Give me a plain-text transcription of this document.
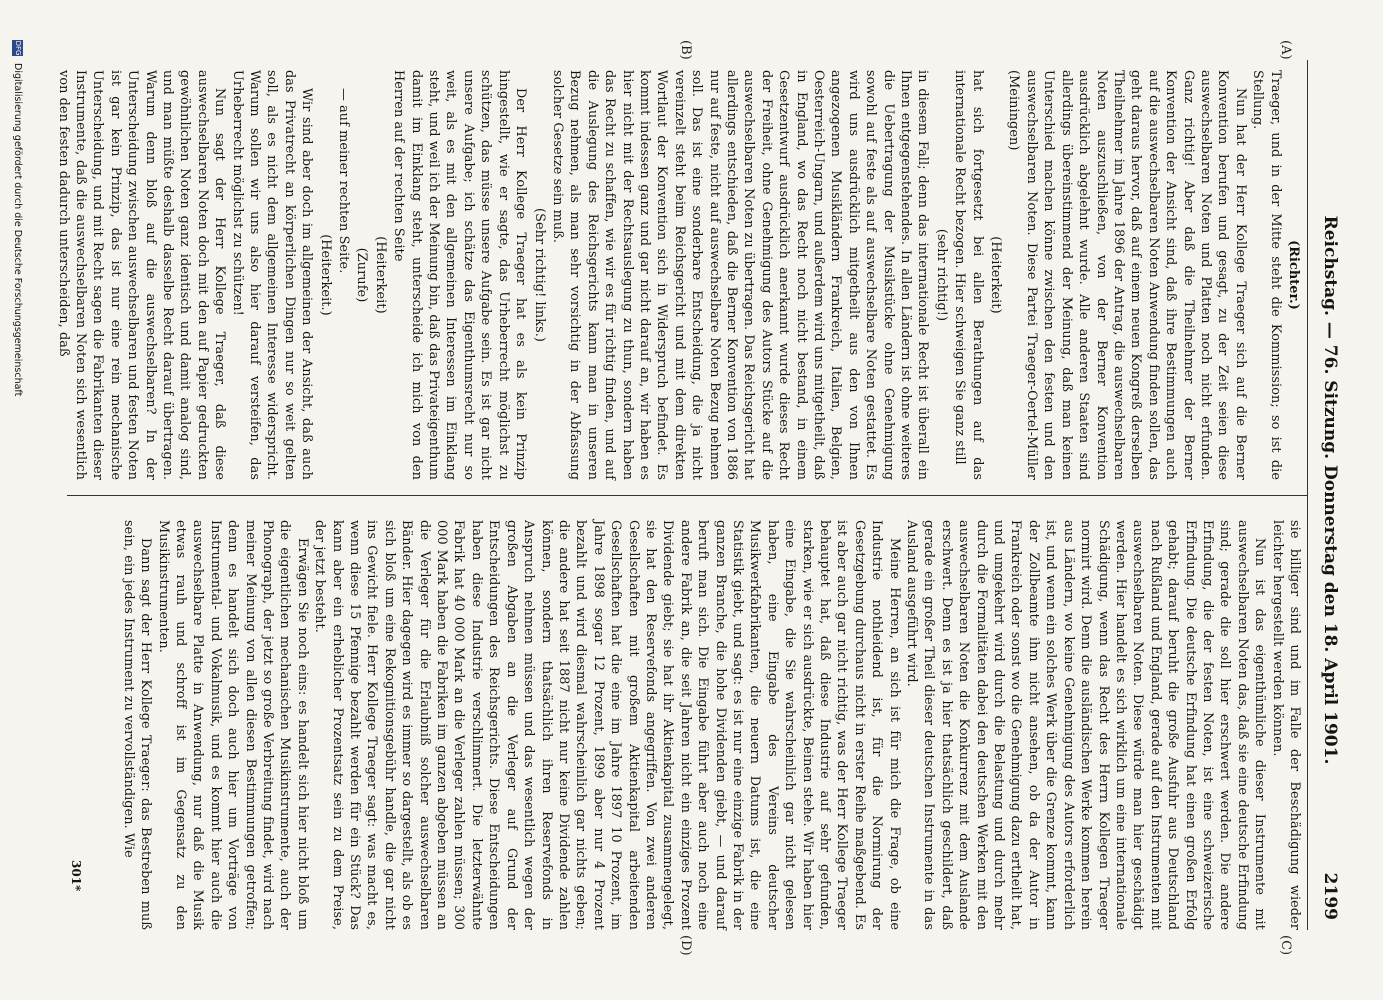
Reichstag. — 76. Sitzung. Donnerstag den 18. April 1901.
2199
(A)
(B)
(C)
(D)

(Richter.)

Traeger, und in der Mitte steht die Kommission; so ist die Stellung.

Nun hat der Herr Kollege Traeger sich auf die Berner Konvention berufen und gesagt, zu der Zeit seien diese auswechselbaren Noten und Platten noch nicht erfunden. Ganz richtig! Aber daß die Theilnehmer der Berner Konvention der Ansicht sind, daß ihre Bestimmungen auch auf die auswechselbaren Noten Anwendung finden sollen, das geht daraus hervor, daß auf einem neuen Kongreß derselben Theilnehmer im Jahre 1896 der Antrag, die auswechselbaren Noten auszuschließen, von der Berner Konvention ausdrücklich abgelehnt wurde. Alle anderen Staaten sind allerdings übereinstimmend der Meinung, daß man keinen Unterschied machen könne zwischen den festen und den auswechselbaren Noten. Diese Partei Traeger-Oertel-Müller (Meiningen)

(Heiterkeit)

hat sich fortgesetzt bei allen Berathungen auf das internationale Recht bezogen. Hier schweigen Sie ganz still

(sehr richtig!)

in diesem Fall; denn das internationale Recht ist überall ein Ihnen entgegenstehendes. In allen Ländern ist ohne weiteres die Uebertragung der Musikstücke ohne Genehmigung sowohl auf feste als auf auswechselbare Noten gestattet. Es wird uns ausdrücklich mitgetheilt aus den von Ihnen angezogenen Musikländern Frankreich, Italien, Belgien, Oesterreich-Ungarn, und außerdem wird uns mitgetheilt, daß in England, wo das Recht noch nicht bestand, in einem Gesetzentwurf ausdrücklich anerkannt wurde dieses Recht der Freiheit, ohne Genehmigung des Autors Stücke auf die auswechselbaren Noten zu übertragen. Das Reichsgericht hat allerdings entschieden, daß die Berner Konvention von 1886 nur auf feste, nicht auf auswechselbare Noten Bezug nehmen soll. Das ist eine sonderbare Entscheidung, die ja nicht vereinzelt steht beim Reichsgericht und mit dem direkten Wortlaut der Konvention sich in Widerspruch befindet. Es kommt indessen ganz und gar nicht darauf an, wir haben es hier nicht mit der Rechtsauslegung zu thun, sondern haben das Recht zu schaffen, wie wir es für richtig finden, und auf die Auslegung des Reichsgerichts kann man in unseren Bezug nehmen, als man sehr vorsichtig in der Abfassung solcher Gesetze sein muß.

(Sehr richtig! links.)

Der Herr Kollege Traeger hat es als kein Prinzip hingestellt, wie er sagte, das Urheberrecht möglichst zu schützen, das müsse unsere Aufgabe sein. Es ist gar nicht unsere Aufgabe; ich schätze das Eigenthumsrecht nur so weit, als es mit den allgemeinen Interessen im Einklang steht, und weil ich der Meinung bin, daß das Privateigenthum damit im Einklang steht, unterscheide ich mich von den Herren auf der rechten Seite

(Heiterkeit)

(Zurufe)

— auf meiner rechten Seite.

(Heiterkeit.)

Wir sind aber doch im allgemeinen der Ansicht, daß auch das Privatrecht an körperlichen Dingen nur so weit gelten soll, als es nicht dem allgemeinen Interesse widerspricht. Warum sollen wir uns also hier darauf versteifen, das Urheberrecht möglichst zu schützen!

Nun sagt der Herr Kollege Traeger, daß diese auswechselbaren Noten doch mit den auf Papier gedruckten gewöhnlichen Noten ganz identisch und damit analog sind, und man müßte deshalb dasselbe Recht darauf übertragen. Warum denn bloß auf die auswechselbaren? In der Unterscheidung zwischen auswechselbaren und festen Noten ist gar kein Prinzip, das ist nur eine rein mechanische Unterscheidung, und mit Recht sagen die Fabrikanten dieser Instrumente, daß die auswechselbaren Noten sich wesentlich von den festen dadurch unterscheiden, daß

sie billiger sind und im Falle der Beschädigung wieder leichter hergestellt werden können.

Nun ist das eigenthümliche dieser Instrumente mit auswechselbaren Noten das, daß sie eine deutsche Erfindung sind; gerade die soll hier erschwert werden. Die andere Erfindung, die der festen Noten, ist eine schweizerische Erfindung. Die deutsche Erfindung hat einen großen Erfolg gehabt; darauf beruht die große Ausfuhr aus Deutschland nach Rußland und England, gerade auf den Instrumenten mit auswechselbaren Noten. Diese würde man hier geschädigt werden. Hier handelt es sich wirklich um eine internationale Schädigung, wenn das Recht des Herrn Kollegen Traeger normirt wird. Denn die ausländischen Werke kommen herein aus Ländern, wo keine Genehmigung des Autors erforderlich ist, und wenn ein solches Werk über die Grenze kommt, kann der Zollbeamte ihm nicht ansehen, ob da der Autor in Frankreich oder sonst wo die Genehmigung dazu ertheilt hat, und umgekehrt wird durch die Belastung und durch mehr durch die Formalitäten dabei den deutschen Werken mit den auswechselbaren Noten die Konkurrenz mit dem Auslande erschwert. Denn es ist ja hier thatsächlich geschildert, daß gerade ein großer Theil dieser deutschen Instrumente in das Ausland ausgeführt wird.

Meine Herren, an sich ist für mich die Frage, ob eine Industrie nothleidend ist, für die Normirung der Gesetzgebung durchaus nicht in erster Reihe maßgebend. Es ist aber auch gar nicht richtig, was der Herr Kollege Traeger behauptet hat, daß diese Industrie auf sehr gefunden, starken, wie er sich ausdrückte, Beinen stehe. Wir haben hier eine Eingabe, die Sie wahrscheinlich gar nicht gelesen haben, eine Eingabe des Vereins deutscher Musikwerkfabrikanten, die neuern Datums ist, die eine Statistik giebt, und sagt: es ist nur eine einzige Fabrik in der ganzen Branche, die hohe Dividenden giebt, — und darauf beruft man sich. Die Eingabe führt aber auch noch eine andere Fabrik an, die seit Jahren nicht ein einziges Prozent Dividende giebt; sie hat ihr Aktienkapital zusammengelegt, sie hat den Reservefonds angegriffen. Von zwei anderen Gesellschaften mit großem Aktienkapital arbeitenden Gesellschaften hat die eine im Jahre 1897 10 Prozent, im Jahre 1898 sogar 12 Prozent, 1899 aber nur 4 Prozent bezahlt und wird diesmal wahrscheinlich gar nichts geben; die andere hat seit 1887 nicht nur keine Dividende zahlen können, sondern thatsächlich ihren Reservefonds in Anspruch nehmen müssen und das wesentlich wegen der großen Abgaben an die Verleger auf Grund der Entscheidungen des Reichsgerichts. Diese Entscheidungen haben diese Industrie verschlimmert. Die letzterwähnte Fabrik hat 40 000 Mark an die Verleger zahlen müssen; 300 000 Mark haben die Fabriken im ganzen abgeben müssen an die Verleger für die Erlaubniß solcher auswechselbaren Bänder. Hier dagegen wird es immer so dargestellt, als ob es sich bloß um eine Rekognitionsgebühr handle, die gar nicht ins Gewicht fiele. Herr Kollege Traeger sagt: was macht es, wenn diese 15 Pfennige bezahlt werden für ein Stück? Das kann aber ein erheblicher Prozentsatz sein zu dem Preise, der jetzt besteht.

Erwägen Sie noch eins: es handelt sich hier nicht bloß um die eigentlichen mechanischen Musikinstrumente, auch der Phonograph, der jetzt so große Verbreitung findet, wird nach meiner Meinung von allen diesen Bestimmungen getroffen; denn es handelt sich doch auch hier um Vorträge von Instrumental- und Vokalmusik, und es kommt hier auch die auswechselbare Platte in Anwendung, nur daß die Musik etwas rauh und schroff ist im Gegensatz zu den Musikinstrumenten.

Dann sagt der Herr Kollege Traeger: das Bestreben muß sein, ein jedes Instrument zu vervollständigen. Wie

301*
DFG Digitalisierung gefördert durch die Deutsche Forschungsgemeinschaft
